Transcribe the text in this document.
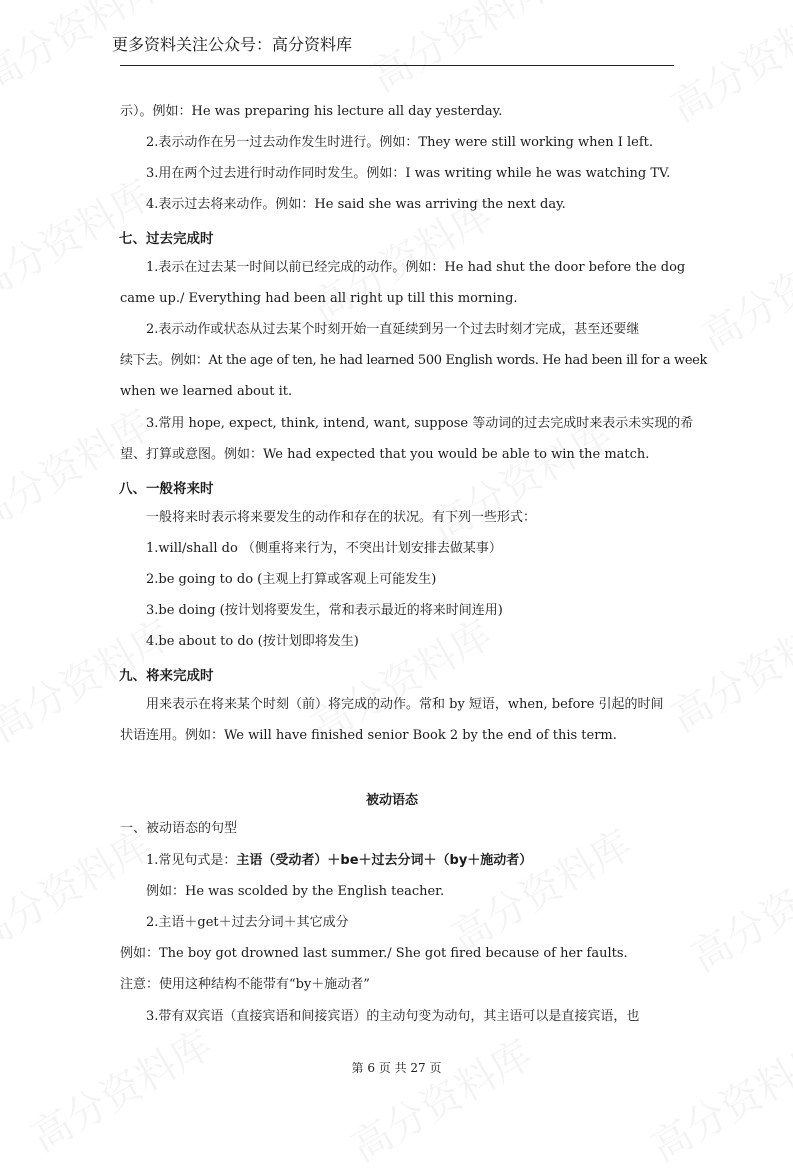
更多资料关注公众号：高分资料库
示）。例如：He was preparing his lecture all day yesterday.
2.表示动作在另一过去动作发生时进行。例如：They were still working when I left.
3.用在两个过去进行时动作同时发生。例如：I was writing while he was watching TV.
4.表示过去将来动作。例如：He said she was arriving the next day.
七、过去完成时
1.表示在过去某一时间以前已经完成的动作。例如：He had shut the door before the dog
came up./ Everything had been all right up till this morning.
2.表示动作或状态从过去某个时刻开始一直延续到另一个过去时刻才完成，甚至还要继
续下去。例如：At the age of ten, he had learned 500 English words. He had been ill for a week
when we learned about it.
3.常用 hope, expect, think, intend, want, suppose 等动词的过去完成时来表示未实现的希
望、打算或意图。例如：We had expected that you would be able to win the match.
八、一般将来时
一般将来时表示将来要发生的动作和存在的状况。有下列一些形式：
1.will/shall do （侧重将来行为，不突出计划安排去做某事）
2.be going to do (主观上打算或客观上可能发生)
3.be doing (按计划将要发生，常和表示最近的将来时间连用)
4.be about to do (按计划即将发生)
九、将来完成时
用来表示在将来某个时刻（前）将完成的动作。常和 by 短语，when, before 引起的时间
状语连用。例如：We will have finished senior Book 2 by the end of this term.
被动语态
一、被动语态的句型
1.常见句式是：主语（受动者）＋be＋过去分词＋（by＋施动者）
例如：He was scolded by the English teacher.
2.主语＋get＋过去分词＋其它成分
例如：The boy got drowned last summer./ She got fired because of her faults.
注意：使用这种结构不能带有“by＋施动者”
3.带有双宾语（直接宾语和间接宾语）的主动句变为动句，其主语可以是直接宾语，也
第 6 页 共 27 页
